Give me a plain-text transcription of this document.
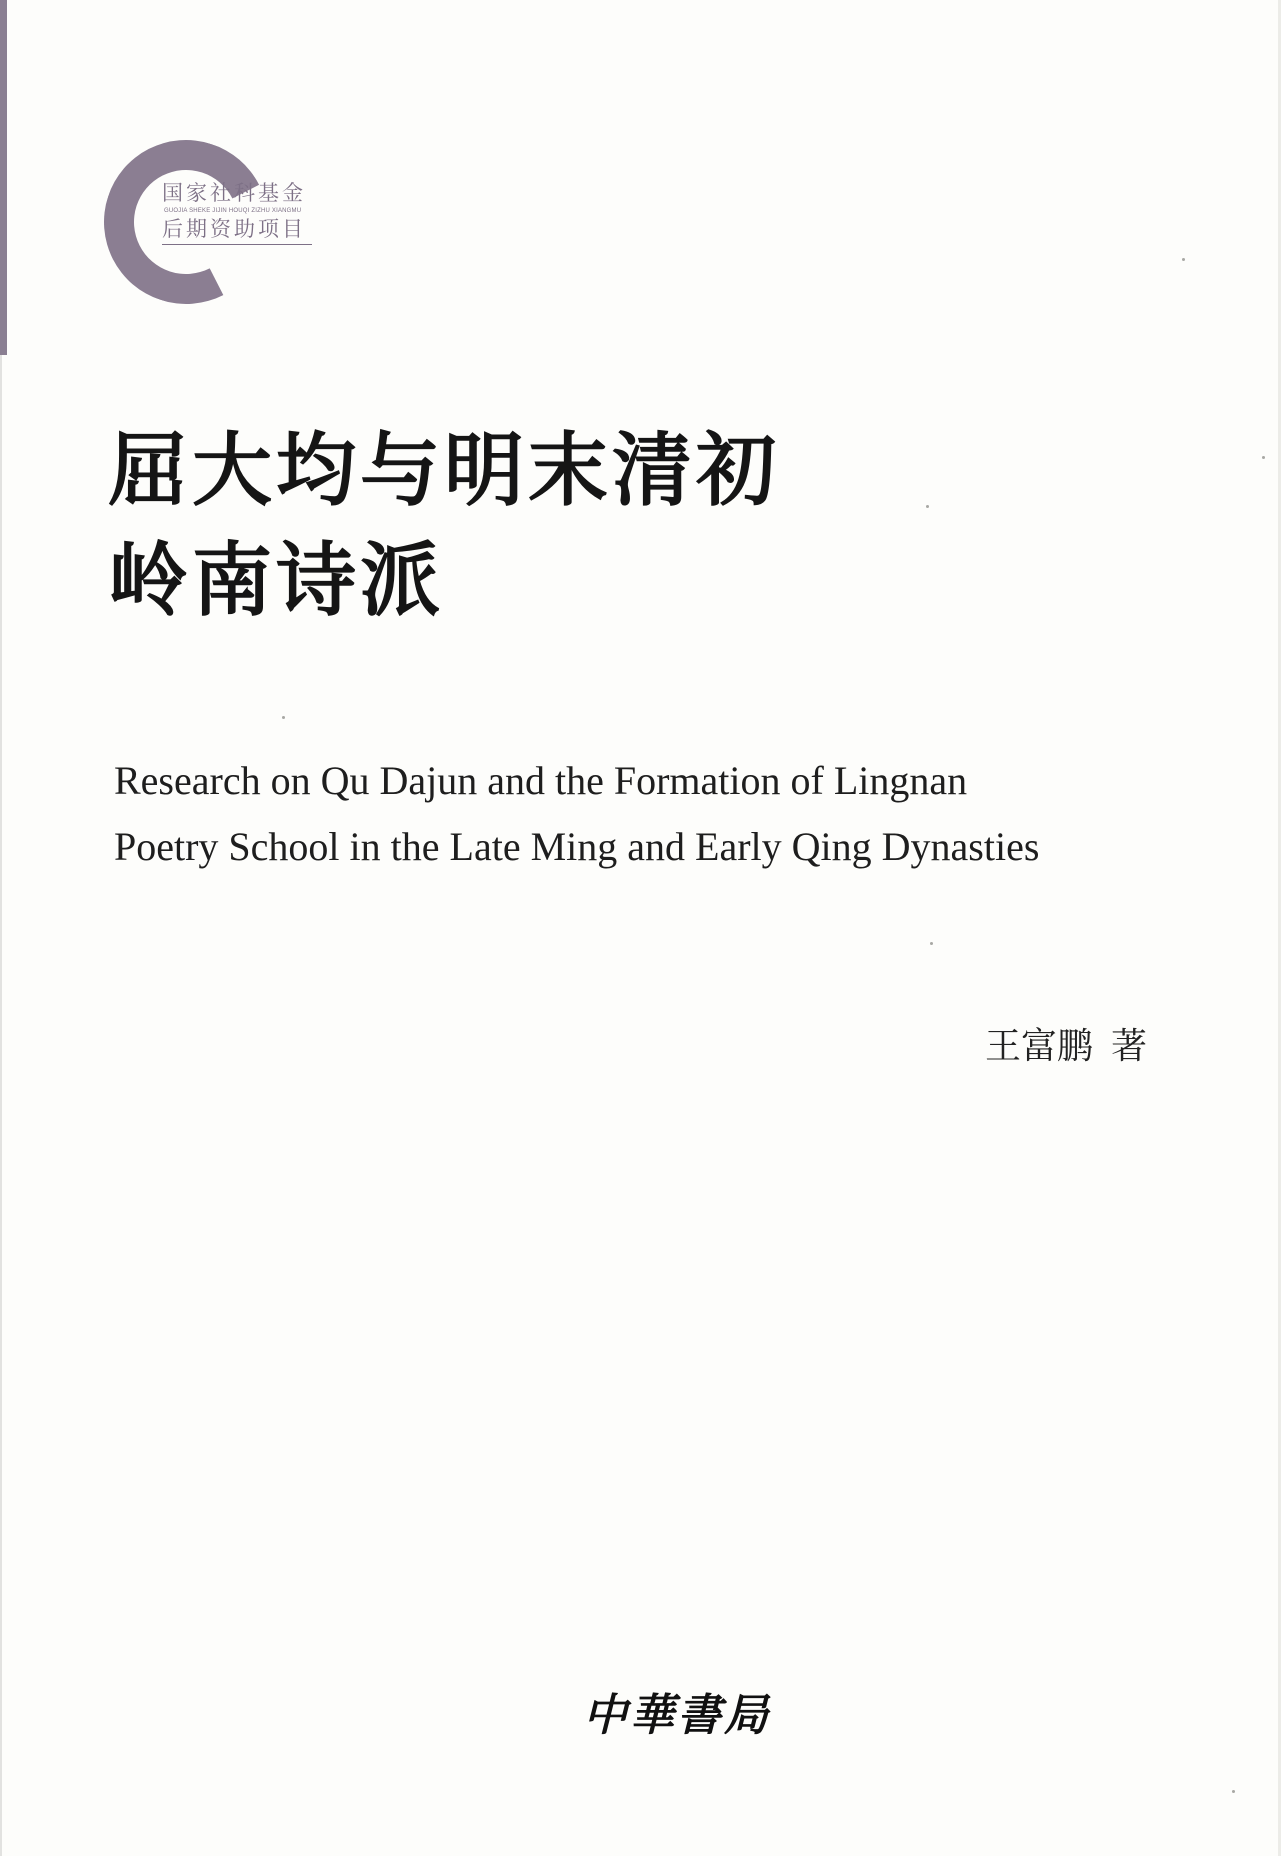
国家社科基金
GUOJIA SHEKE JIJIN HOUQI ZIZHU XIANGMU
后期资助项目
屈大均与明末清初
岭南诗派
Research on Qu Dajun and the Formation of Lingnan
Poetry School in the Late Ming and Early Qing Dynasties
王富鹏 著
中華書局
